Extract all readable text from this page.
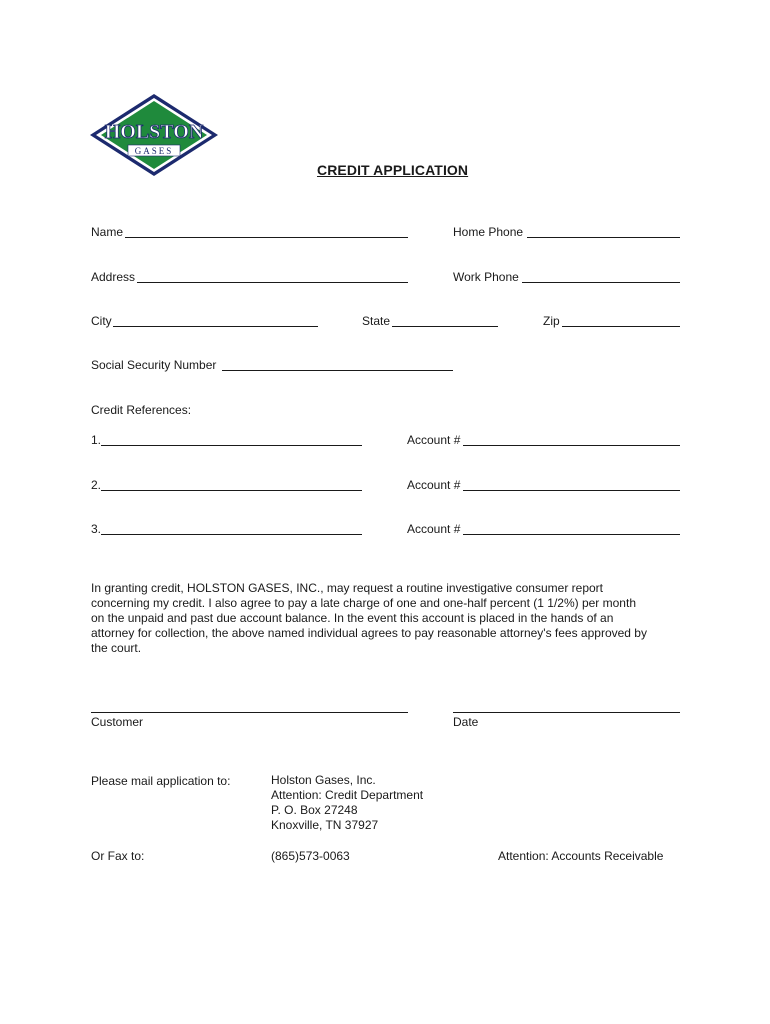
HOLSTON
GASES
CREDIT APPLICATION
Name	Home Phone
Address	Work Phone
City	State	Zip
Social Security Number
Credit References:
1.	Account #
2.	Account #
3.	Account #
In granting credit, HOLSTON GASES, INC., may request a routine investigative consumer report
concerning my credit. I also agree to pay a late charge of one and one-half percent (1 1/2%) per month
on the unpaid and past due account balance. In the event this account is placed in the hands of an
attorney for collection, the above named individual agrees to pay reasonable attorney's fees approved by
the court.
Customer	Date
Please mail application to:	Holston Gases, Inc.
Attention: Credit Department
P. O. Box 27248
Knoxville, TN 37927
Or Fax to:	(865)573-0063	Attention: Accounts Receivable
